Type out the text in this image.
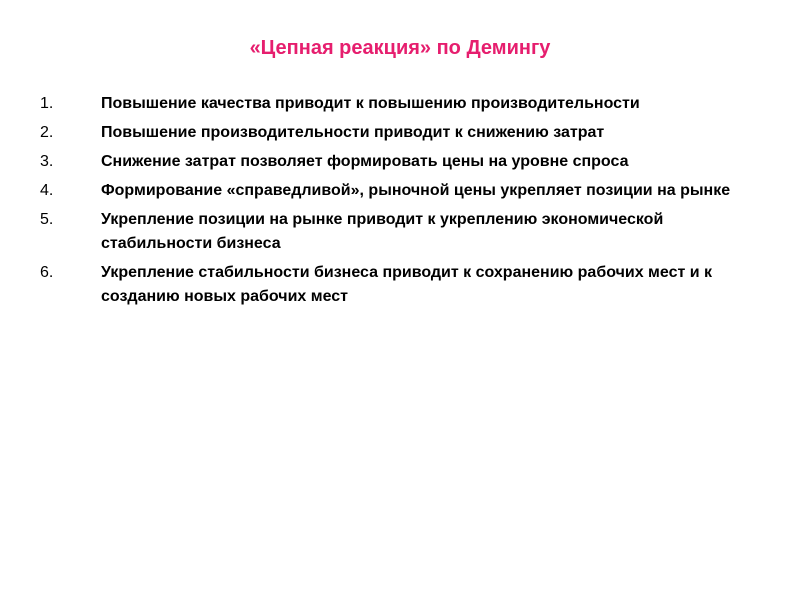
«Цепная реакция» по Демингу
1.	Повышение качества приводит к повышению производительности
2.	Повышение производительности приводит к снижению затрат
3.	Снижение затрат позволяет формировать цены на уровне спроса
4.	Формирование «справедливой», рыночной цены укрепляет позиции на рынке
5.	Укрепление позиции на рынке приводит к укреплению экономической стабильности бизнеса
6.	Укрепление стабильности бизнеса приводит к сохранению рабочих мест и к созданию новых рабочих мест
